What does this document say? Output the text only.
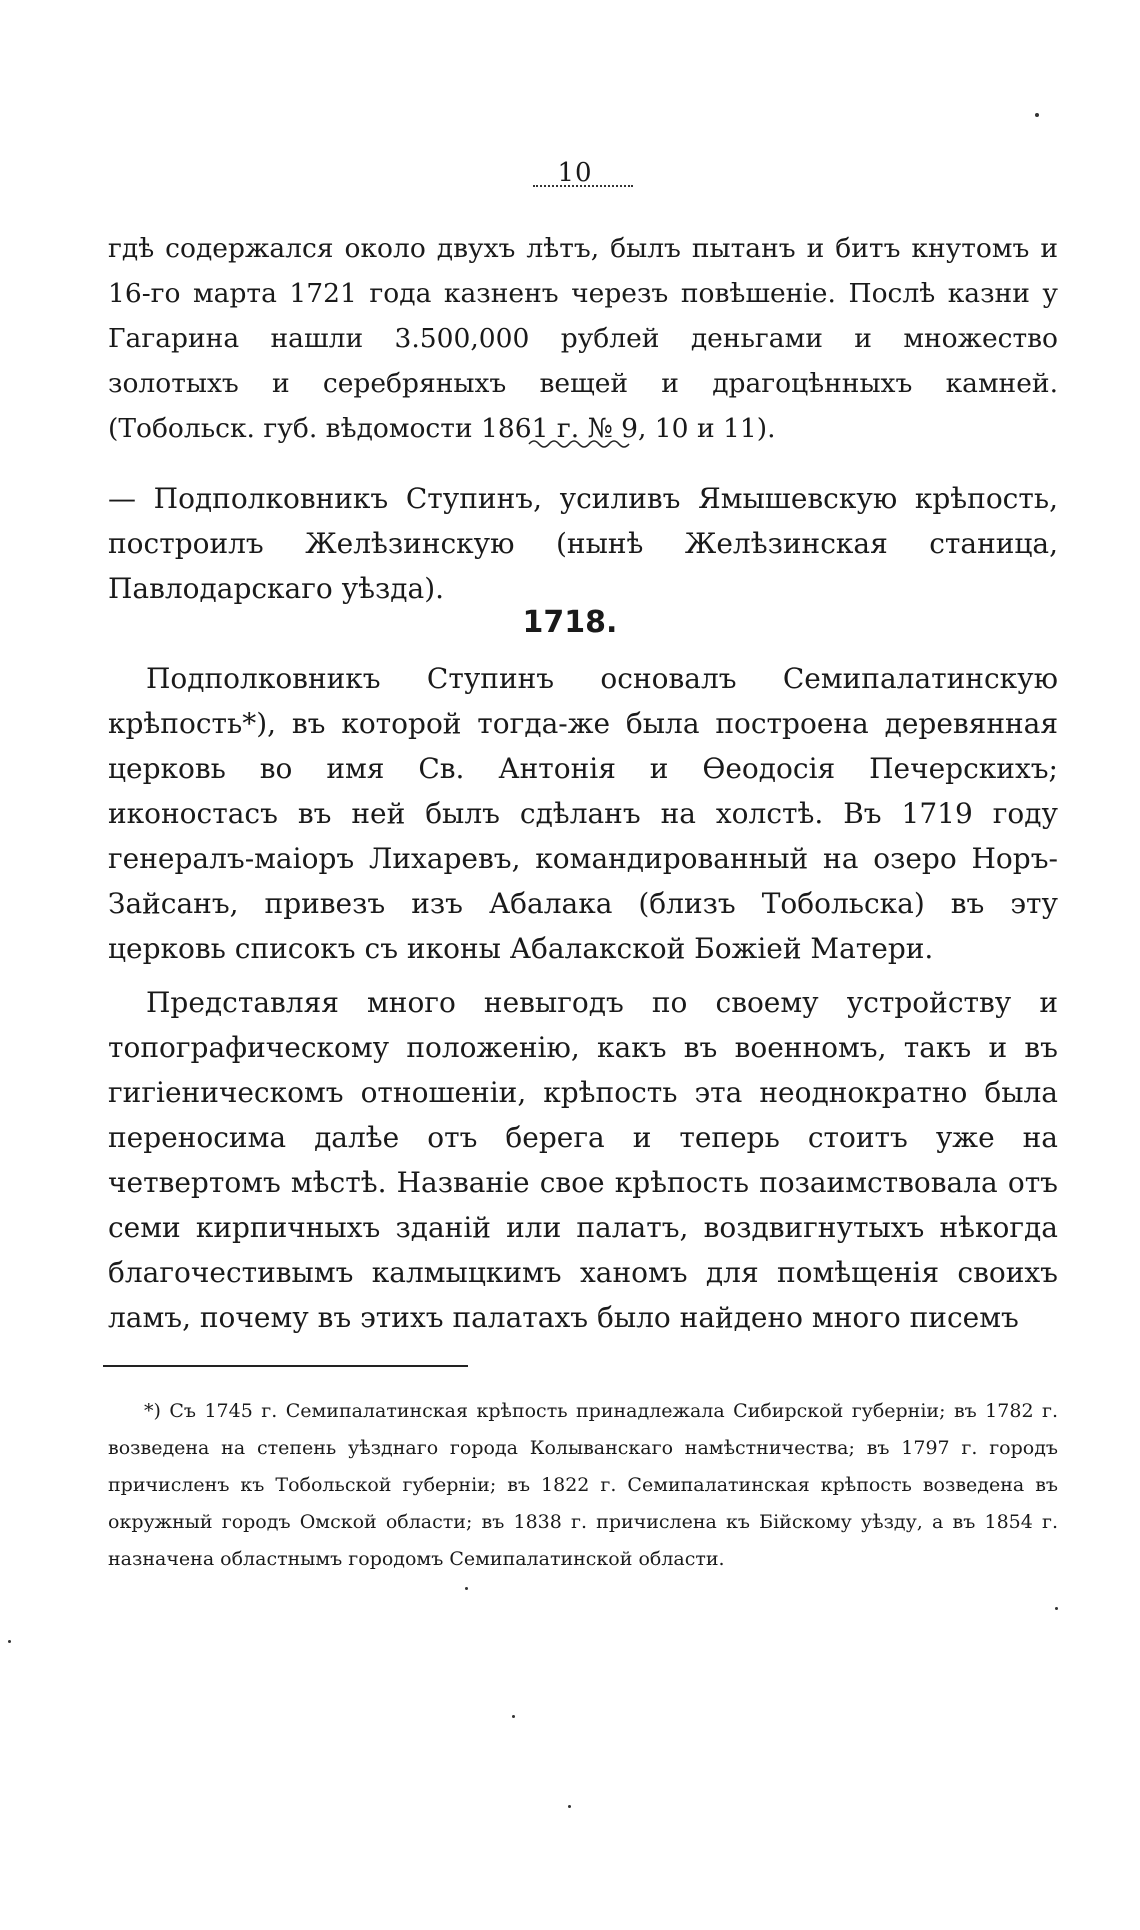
10

гдѣ содержался около двухъ лѣтъ, былъ пытанъ и битъ кнутомъ и 16-го марта 1721 года казненъ черезъ повѣшеніе. Послѣ казни у Гагарина нашли 3.500,000 рублей деньгами и множество золотыхъ и серебряныхъ вещей и драгоцѣнныхъ камней. (Тобольск. губ. вѣдомости 1861 г. № 9, 10 и 11).

— Подполковникъ Ступинъ, усиливъ Ямышевскую крѣпость, построилъ Желѣзинскую (нынѣ Желѣзинская станица, Павлодарскаго уѣзда).

1718.

Подполковникъ Ступинъ основалъ Семипалатинскую крѣпость*), въ которой тогда-же была построена деревянная церковь во имя Св. Антонія и Ѳеодосія Печерскихъ; иконостасъ въ ней былъ сдѣланъ на холстѣ. Въ 1719 году генералъ-маіоръ Лихаревъ, командированный на озеро Норъ-Зайсанъ, привезъ изъ Абалака (близъ Тобольска) въ эту церковь списокъ съ иконы Абалакской Божіей Матери.

Представляя много невыгодъ по своему устройству и топографическому положенію, какъ въ военномъ, такъ и въ гигіеническомъ отношеніи, крѣпость эта неоднократно была переносима далѣе отъ берега и теперь стоитъ уже на четвертомъ мѣстѣ. Названіе свое крѣпость позаимствовала отъ семи кирпичныхъ зданій или палатъ, воздвигнутыхъ нѣкогда благочестивымъ калмыцкимъ ханомъ для помѣщенія своихъ ламъ, почему въ этихъ палатахъ было найдено много писемъ

*) Съ 1745 г. Семипалатинская крѣпость принадлежала Сибирской губерніи; въ 1782 г. возведена на степень уѣзднаго города Колыванскаго намѣстничества; въ 1797 г. городъ причисленъ къ Тобольской губерніи; въ 1822 г. Семипалатинская крѣпость возведена въ окружный городъ Омской области; въ 1838 г. причислена къ Бійскому уѣзду, а въ 1854 г. назначена областнымъ городомъ Семипалатинской области.
